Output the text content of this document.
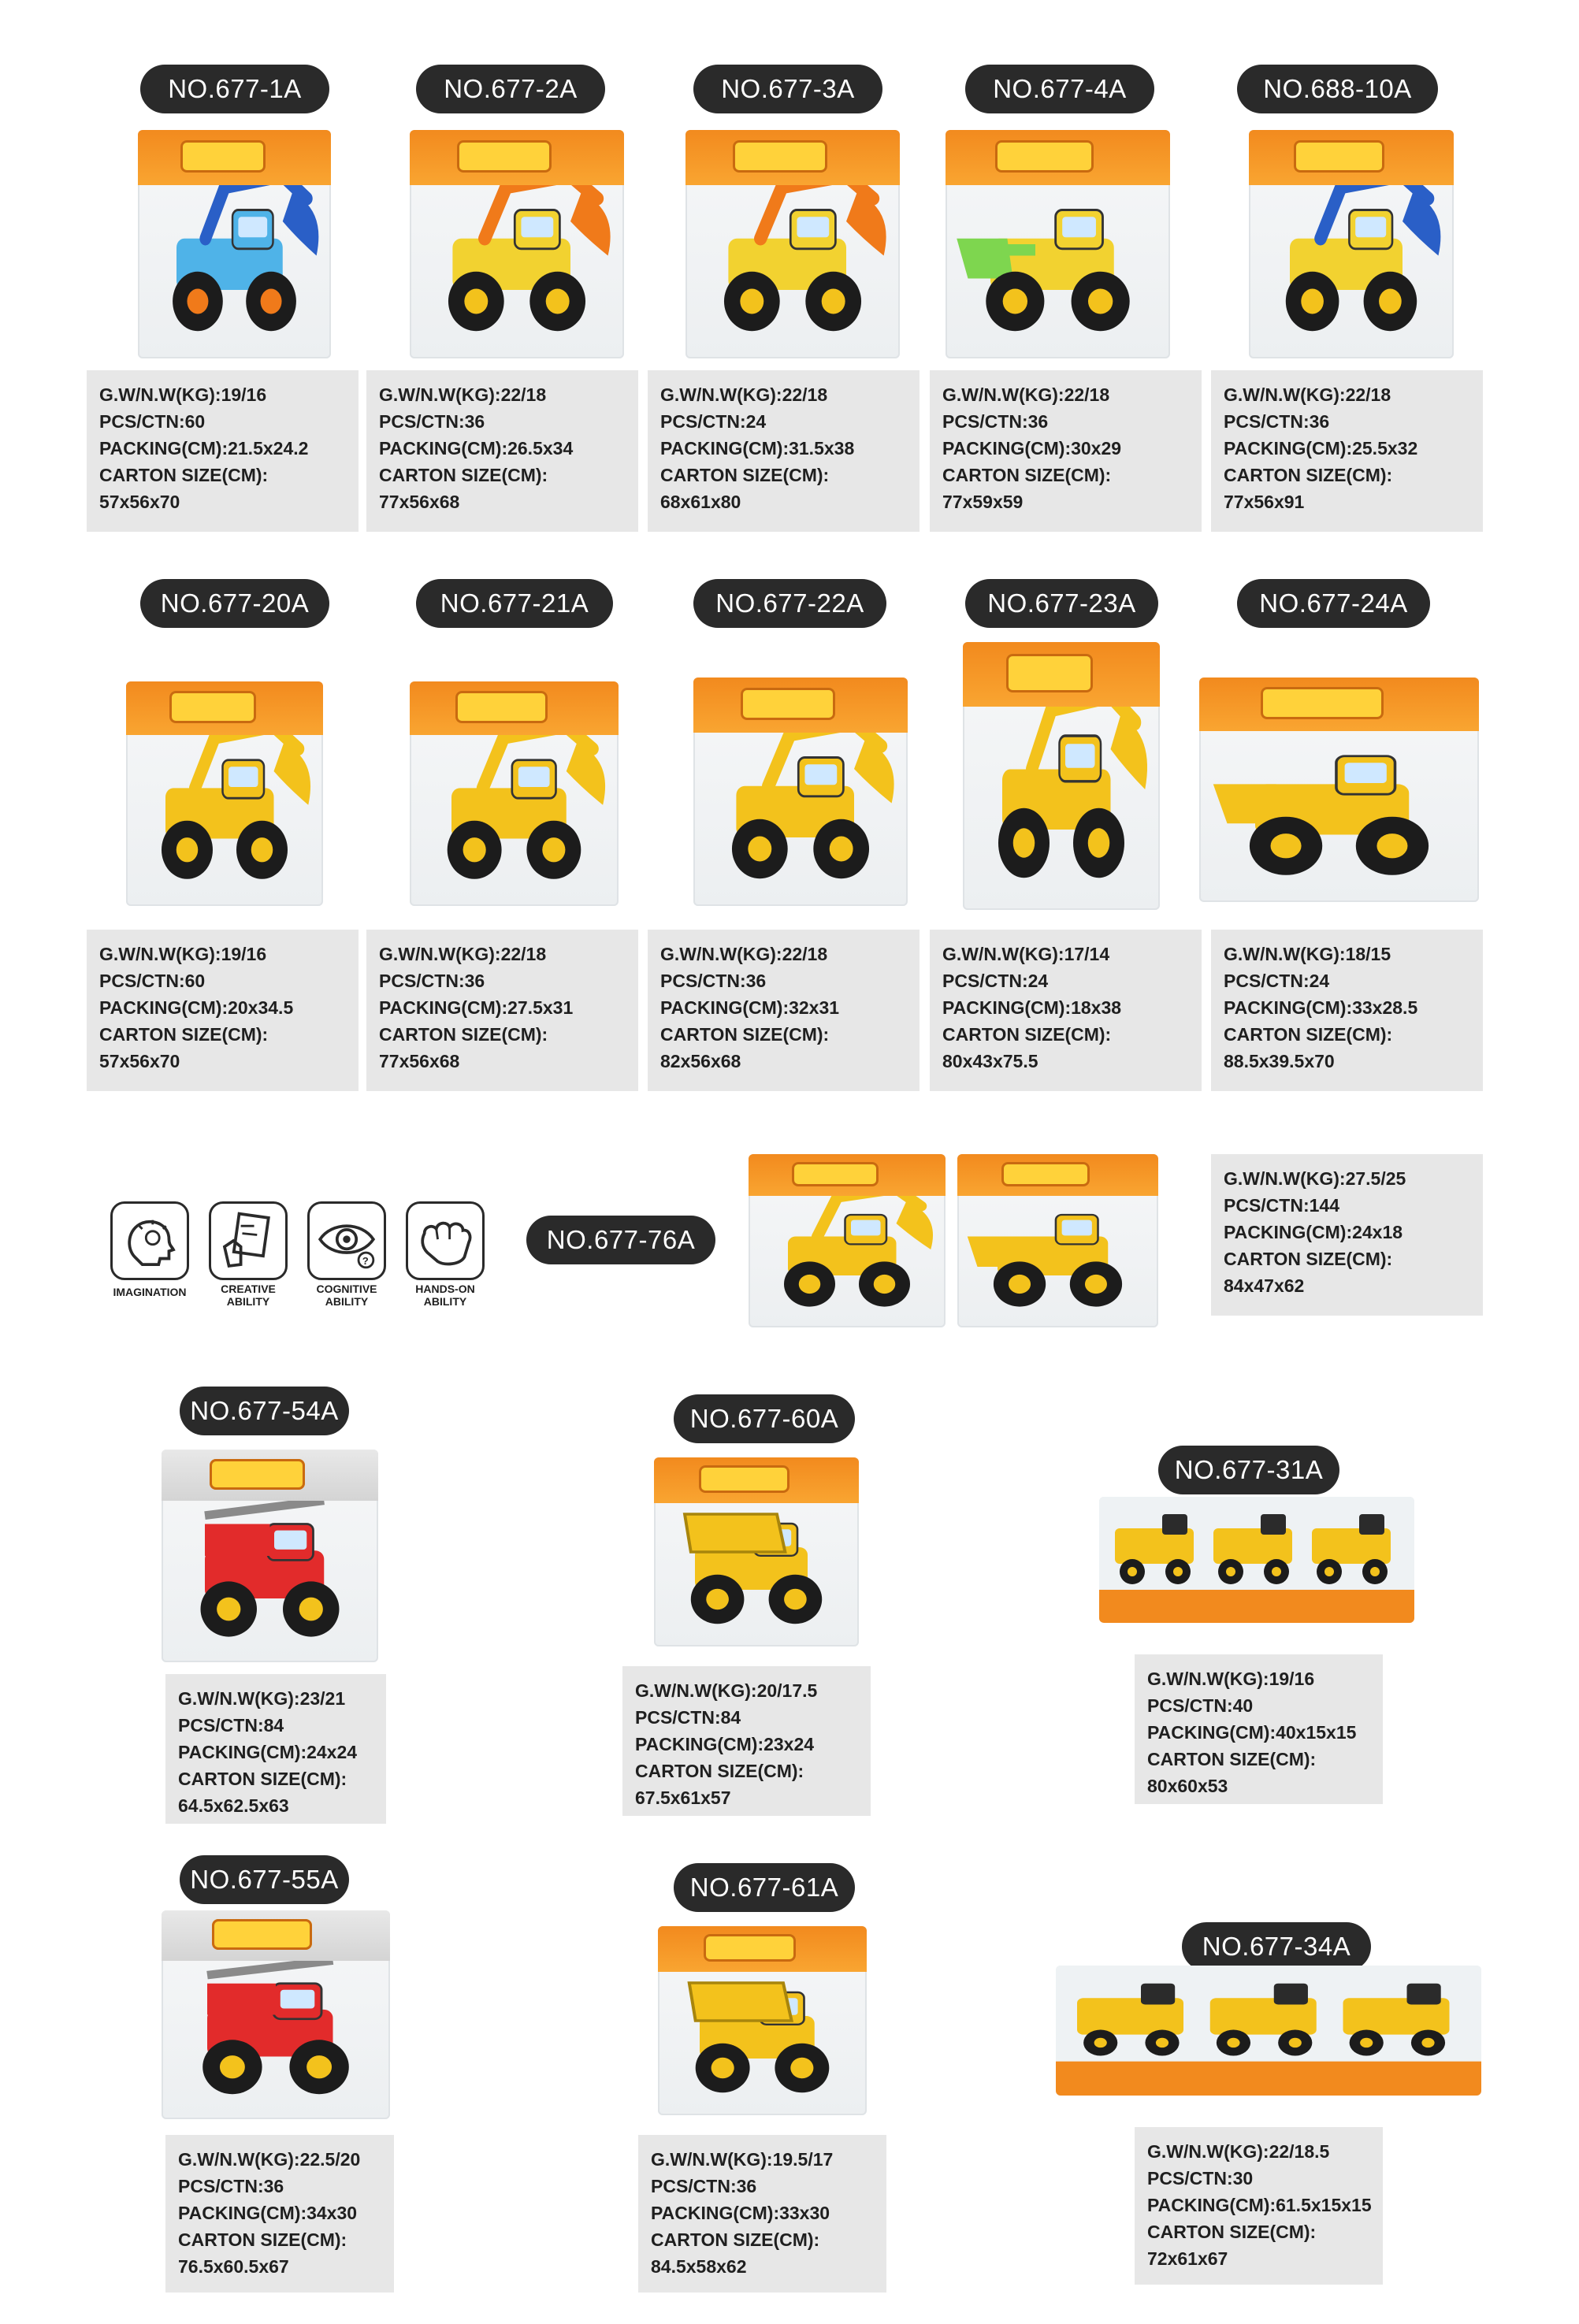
NO.677-1A
G.W/N.W(KG):19/16
PCS/CTN:60
PACKING(CM):21.5x24.2
CARTON SIZE(CM):
57x56x70
NO.677-2A
G.W/N.W(KG):22/18
PCS/CTN:36
PACKING(CM):26.5x34
CARTON SIZE(CM):
77x56x68
NO.677-3A
G.W/N.W(KG):22/18
PCS/CTN:24
PACKING(CM):31.5x38
CARTON SIZE(CM):
68x61x80
NO.677-4A
G.W/N.W(KG):22/18
PCS/CTN:36
PACKING(CM):30x29
CARTON SIZE(CM):
77x59x59
NO.688-10A
G.W/N.W(KG):22/18
PCS/CTN:36
PACKING(CM):25.5x32
CARTON SIZE(CM):
77x56x91
NO.677-20A
G.W/N.W(KG):19/16
PCS/CTN:60
PACKING(CM):20x34.5
CARTON SIZE(CM):
57x56x70
NO.677-21A
G.W/N.W(KG):22/18
PCS/CTN:36
PACKING(CM):27.5x31
CARTON SIZE(CM):
77x56x68
NO.677-22A
G.W/N.W(KG):22/18
PCS/CTN:36
PACKING(CM):32x31
CARTON SIZE(CM):
82x56x68
NO.677-23A
G.W/N.W(KG):17/14
PCS/CTN:24
PACKING(CM):18x38
CARTON SIZE(CM):
80x43x75.5
NO.677-24A
G.W/N.W(KG):18/15
PCS/CTN:24
PACKING(CM):33x28.5
CARTON SIZE(CM):
88.5x39.5x70
NO.677-76A
G.W/N.W(KG):27.5/25
PCS/CTN:144
PACKING(CM):24x18
CARTON SIZE(CM):
84x47x62
NO.677-54A
G.W/N.W(KG):23/21
PCS/CTN:84
PACKING(CM):24x24
CARTON SIZE(CM):
64.5x62.5x63
NO.677-60A
G.W/N.W(KG):20/17.5
PCS/CTN:84
PACKING(CM):23x24
CARTON SIZE(CM):
67.5x61x57
NO.677-31A
G.W/N.W(KG):19/16
PCS/CTN:40
PACKING(CM):40x15x15
CARTON SIZE(CM):
80x60x53
NO.677-55A
G.W/N.W(KG):22.5/20
PCS/CTN:36
PACKING(CM):34x30
CARTON SIZE(CM):
76.5x60.5x67
NO.677-61A
G.W/N.W(KG):19.5/17
PCS/CTN:36
PACKING(CM):33x30
CARTON SIZE(CM):
84.5x58x62
NO.677-34A
G.W/N.W(KG):22/18.5
PCS/CTN:30
PACKING(CM):61.5x15x15
CARTON SIZE(CM):
72x61x67
IMAGINATION	CREATIVE
ABILITY
?
COGNITIVE
ABILITY
HANDS-ON
ABILITY
